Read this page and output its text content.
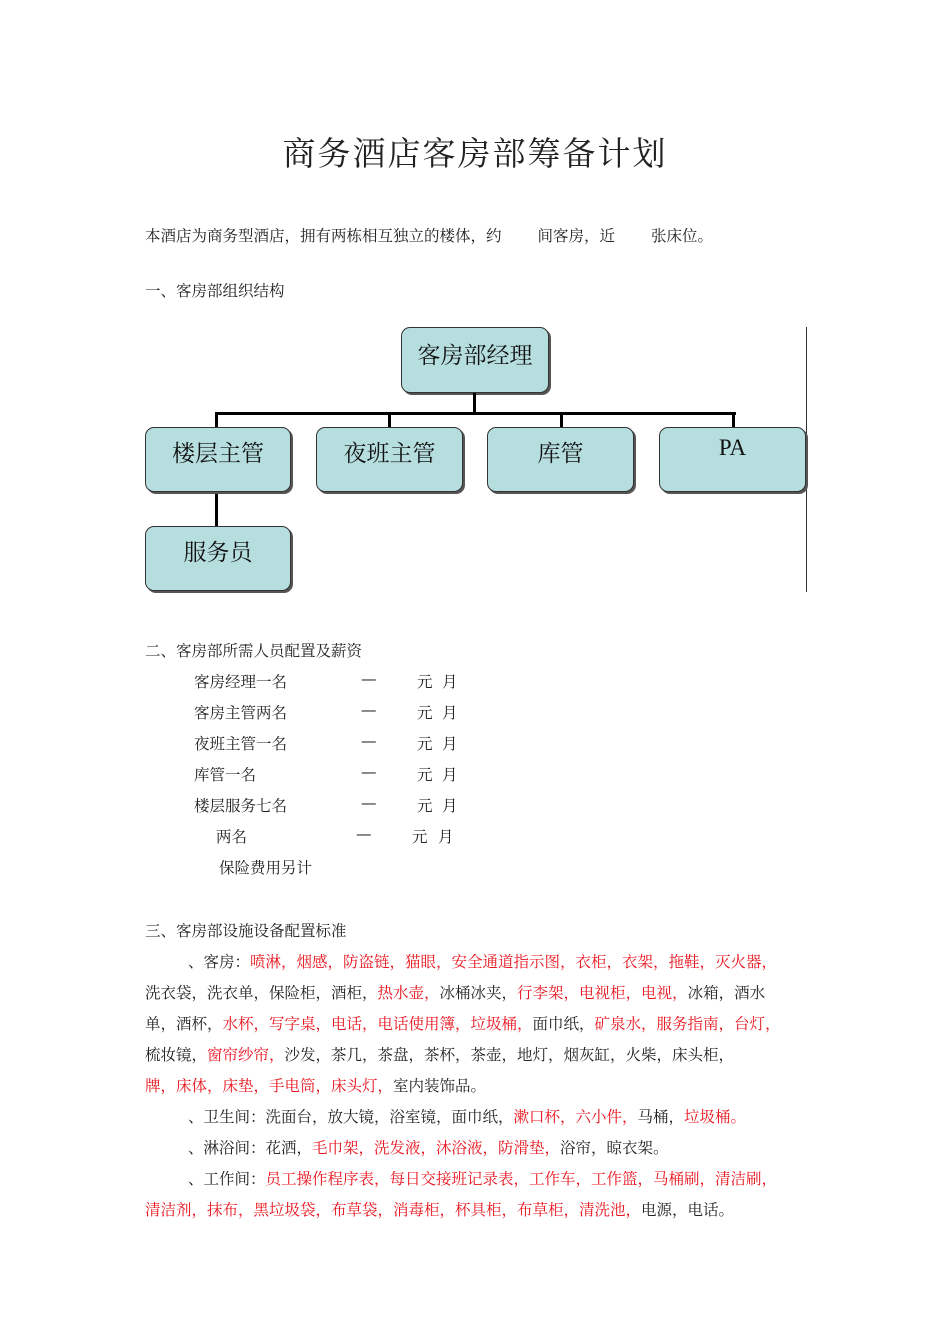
商务酒店客房部筹备计划

本酒店为商务型酒店，拥有两栋相互独立的楼体，约 间客房，近 张床位。

一、客房部组织结构
客房部经理
楼层主管	夜班主管	库管	PA
服务员
二、客房部所需人员配置及薪资
客房经理一名	—	元 月
客房主管两名	—	元 月
夜班主管一名	—	元 月
库管一名	—	元 月
楼层服务七名	—	元 月
两名	—	元 月
保险费用另计
三、客房部设施设备配置标准
、客房：喷淋，烟感，防盗链，猫眼，安全通道指示图，衣柜，衣架，拖鞋，灭火器，
洗衣袋，洗衣单，保险柜，酒柜，热水壶，冰桶冰夹，行李架，电视柜，电视，冰箱，酒水
单，酒杯，水杯，写字桌，电话，电话使用簿，垃圾桶，面巾纸，矿泉水，服务指南，台灯，
梳妆镜，窗帘纱帘，沙发，茶几，茶盘，茶杯，茶壶，地灯，烟灰缸，火柴，床头柜，
牌，床体，床垫，手电筒，床头灯，室内装饰品。
、卫生间：洗面台，放大镜，浴室镜，面巾纸，漱口杯，六小件，马桶，垃圾桶。
、淋浴间：花洒，毛巾架，洗发液，沐浴液，防滑垫，浴帘，晾衣架。
、工作间：员工操作程序表，每日交接班记录表，工作车，工作篮，马桶刷，清洁刷，
清洁剂，抹布，黑垃圾袋，布草袋，消毒柜，杯具柜，布草柜，清洗池，电源，电话。
